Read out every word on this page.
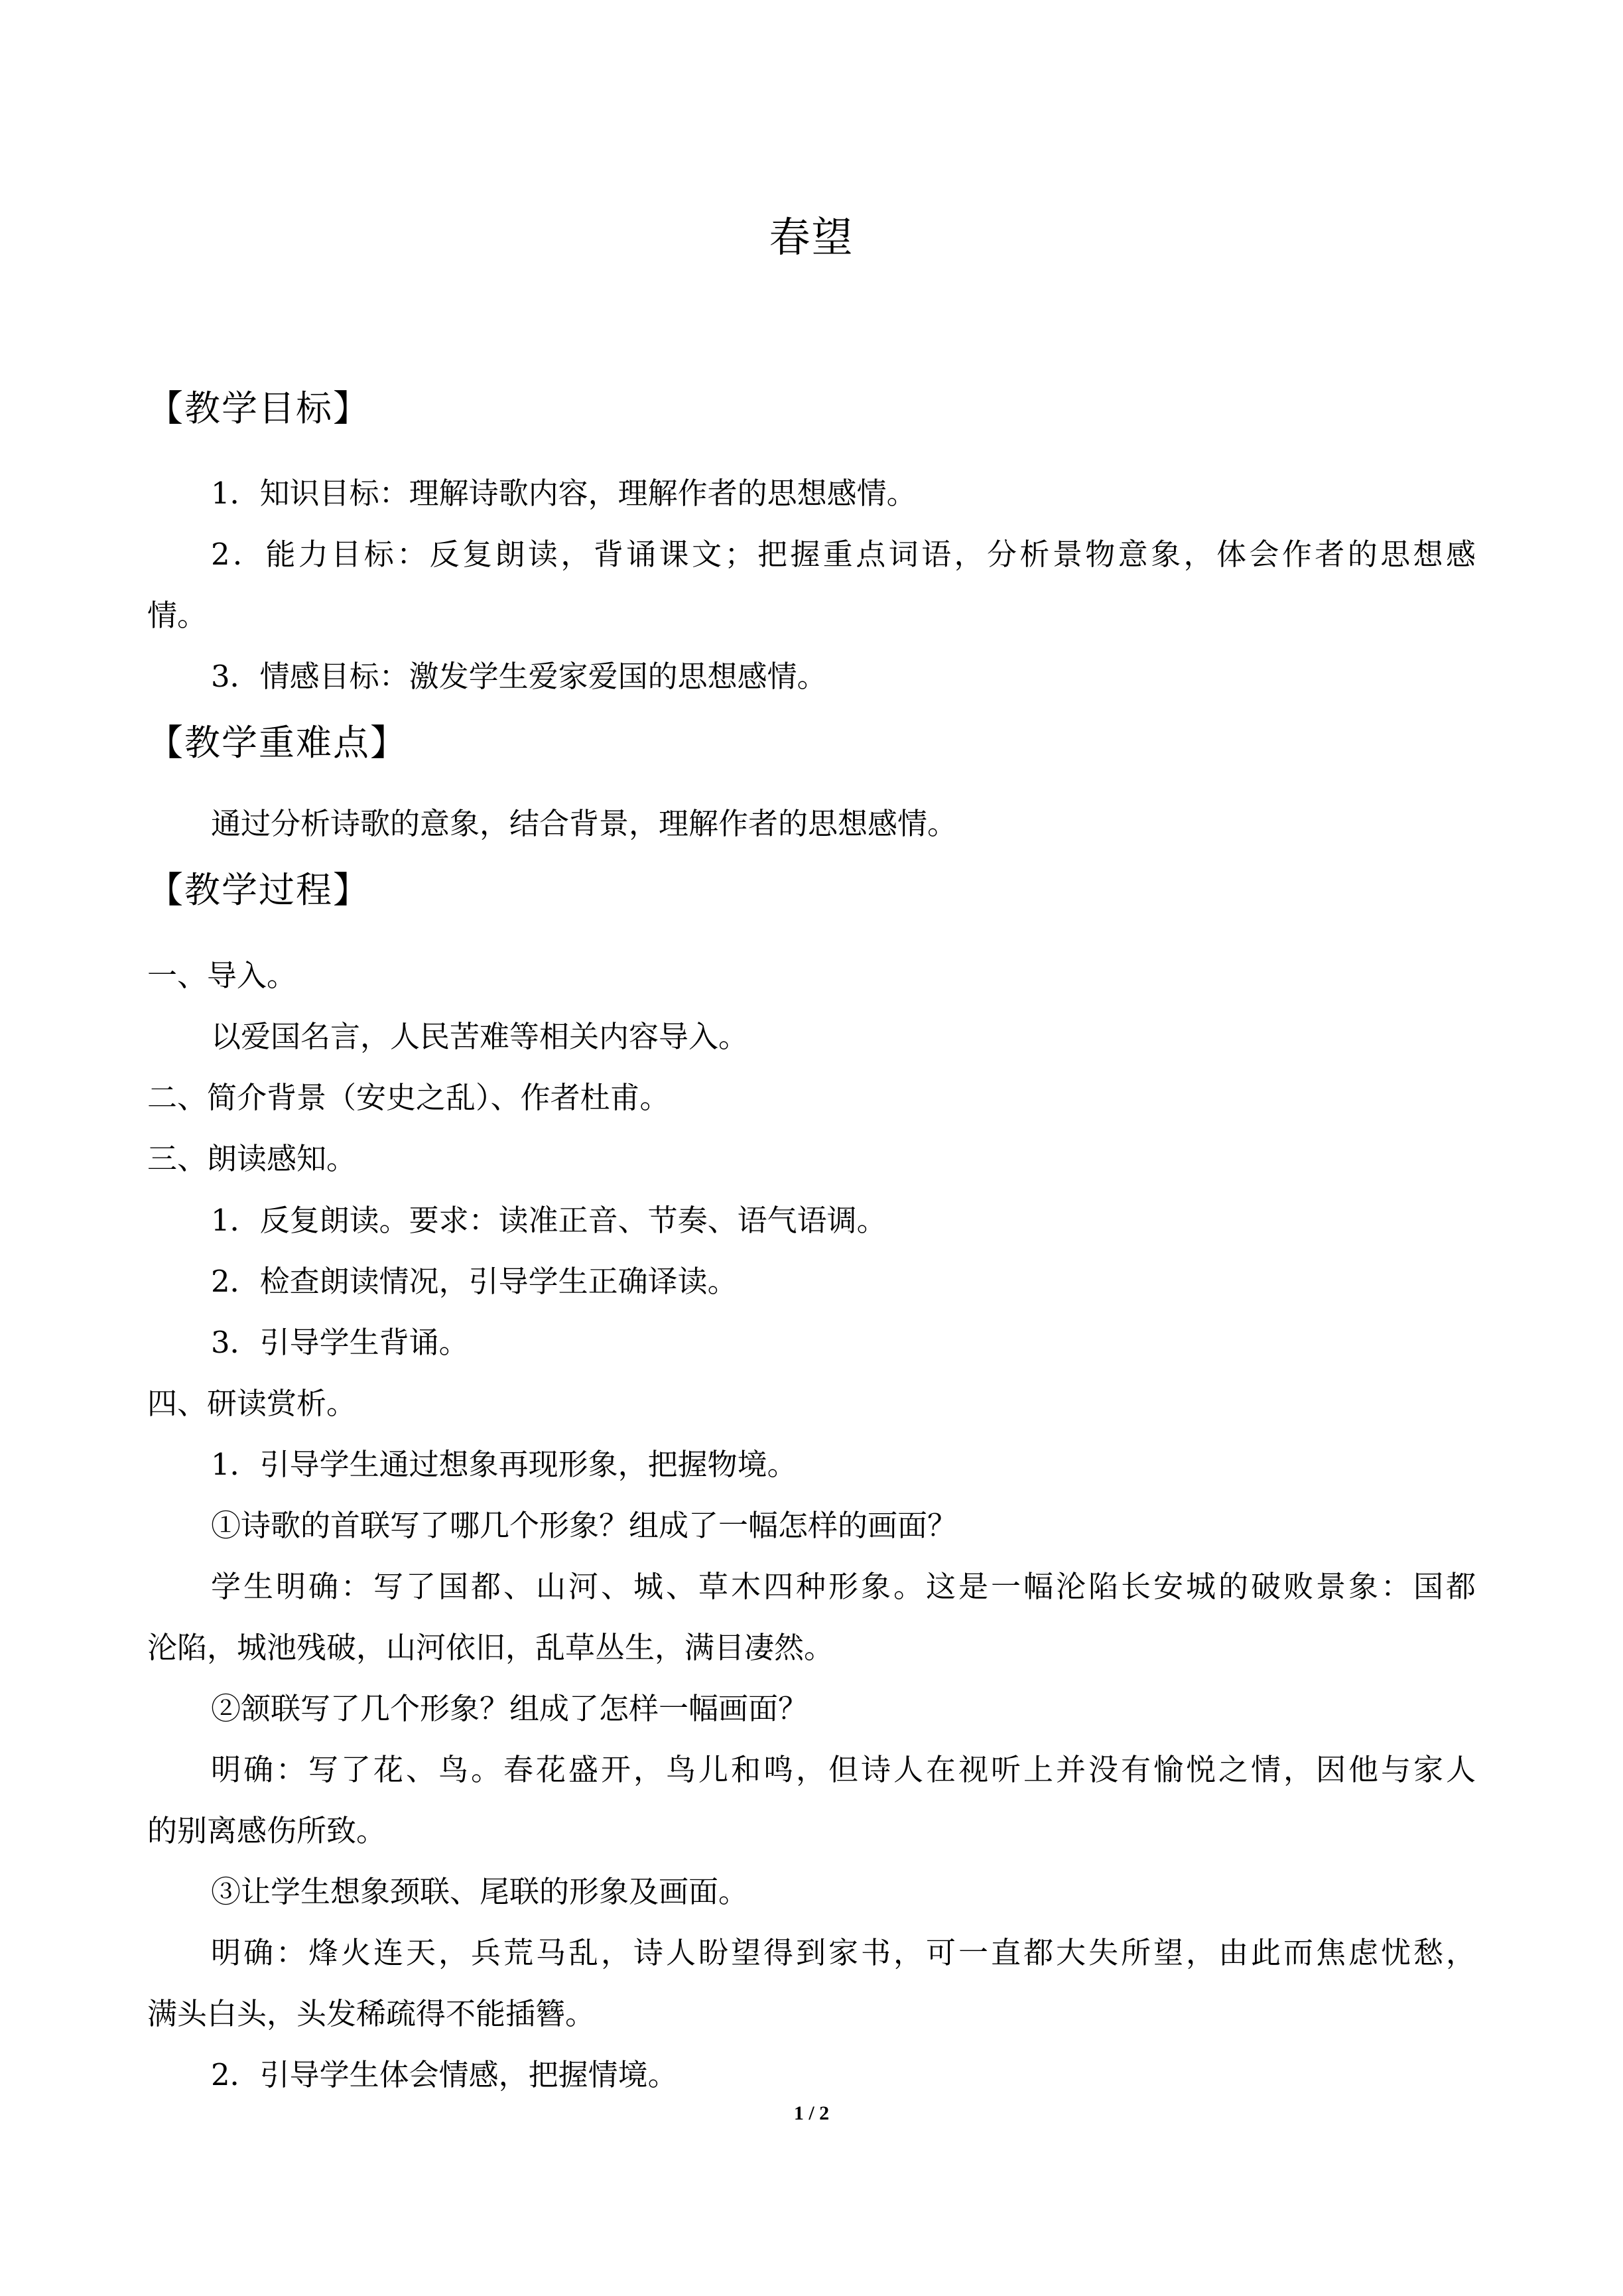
春望
【教学目标】
1．知识目标：理解诗歌内容，理解作者的思想感情。
2．能力目标：反复朗读，背诵课文；把握重点词语，分析景物意象，体会作者的思想感
情。
3．情感目标：激发学生爱家爱国的思想感情。
【教学重难点】
通过分析诗歌的意象，结合背景，理解作者的思想感情。
【教学过程】
一、导入。
以爱国名言，人民苦难等相关内容导入。
二、简介背景（安史之乱）、作者杜甫。
三、朗读感知。
1．反复朗读。要求：读准正音、节奏、语气语调。
2．检查朗读情况，引导学生正确译读。
3．引导学生背诵。
四、研读赏析。
1．引导学生通过想象再现形象，把握物境。
①诗歌的首联写了哪几个形象？组成了一幅怎样的画面？
学生明确：写了国都、山河、城、草木四种形象。这是一幅沦陷长安城的破败景象：国都
沦陷，城池残破，山河依旧，乱草丛生，满目凄然。
②颔联写了几个形象？组成了怎样一幅画面？
明确：写了花、鸟。春花盛开，鸟儿和鸣，但诗人在视听上并没有愉悦之情，因他与家人
的别离感伤所致。
③让学生想象颈联、尾联的形象及画面。
明确：烽火连天，兵荒马乱，诗人盼望得到家书，可一直都大失所望，由此而焦虑忧愁，
满头白头，头发稀疏得不能插簪。
2．引导学生体会情感，把握情境。
1 / 2
